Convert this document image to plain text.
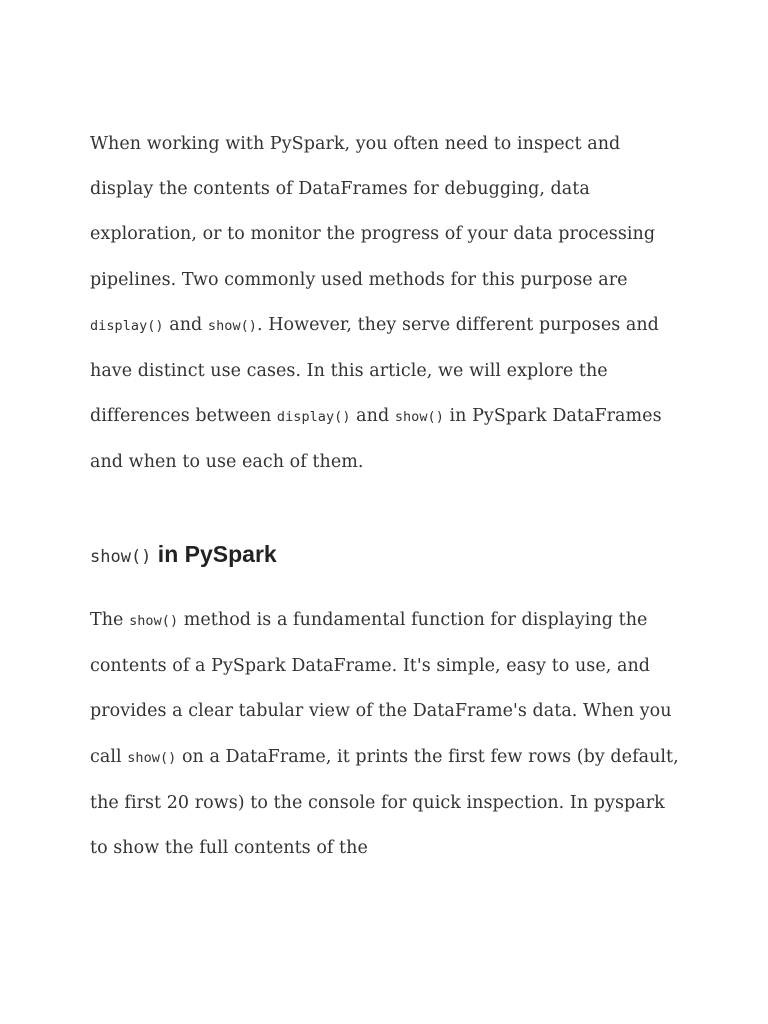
When working with PySpark, you often need to inspect and display the contents of DataFrames for debugging, data exploration, or to monitor the progress of your data processing pipelines. Two commonly used methods for this purpose are display() and show(). However, they serve different purposes and have distinct use cases. In this article, we will explore the differences between display() and show() in PySpark DataFrames and when to use each of them.

show() in PySpark

The show() method is a fundamental function for displaying the contents of a PySpark DataFrame. It's simple, easy to use, and provides a clear tabular view of the DataFrame's data. When you call show() on a DataFrame, it prints the first few rows (by default, the first 20 rows) to the console for quick inspection. In pyspark to show the full contents of the
